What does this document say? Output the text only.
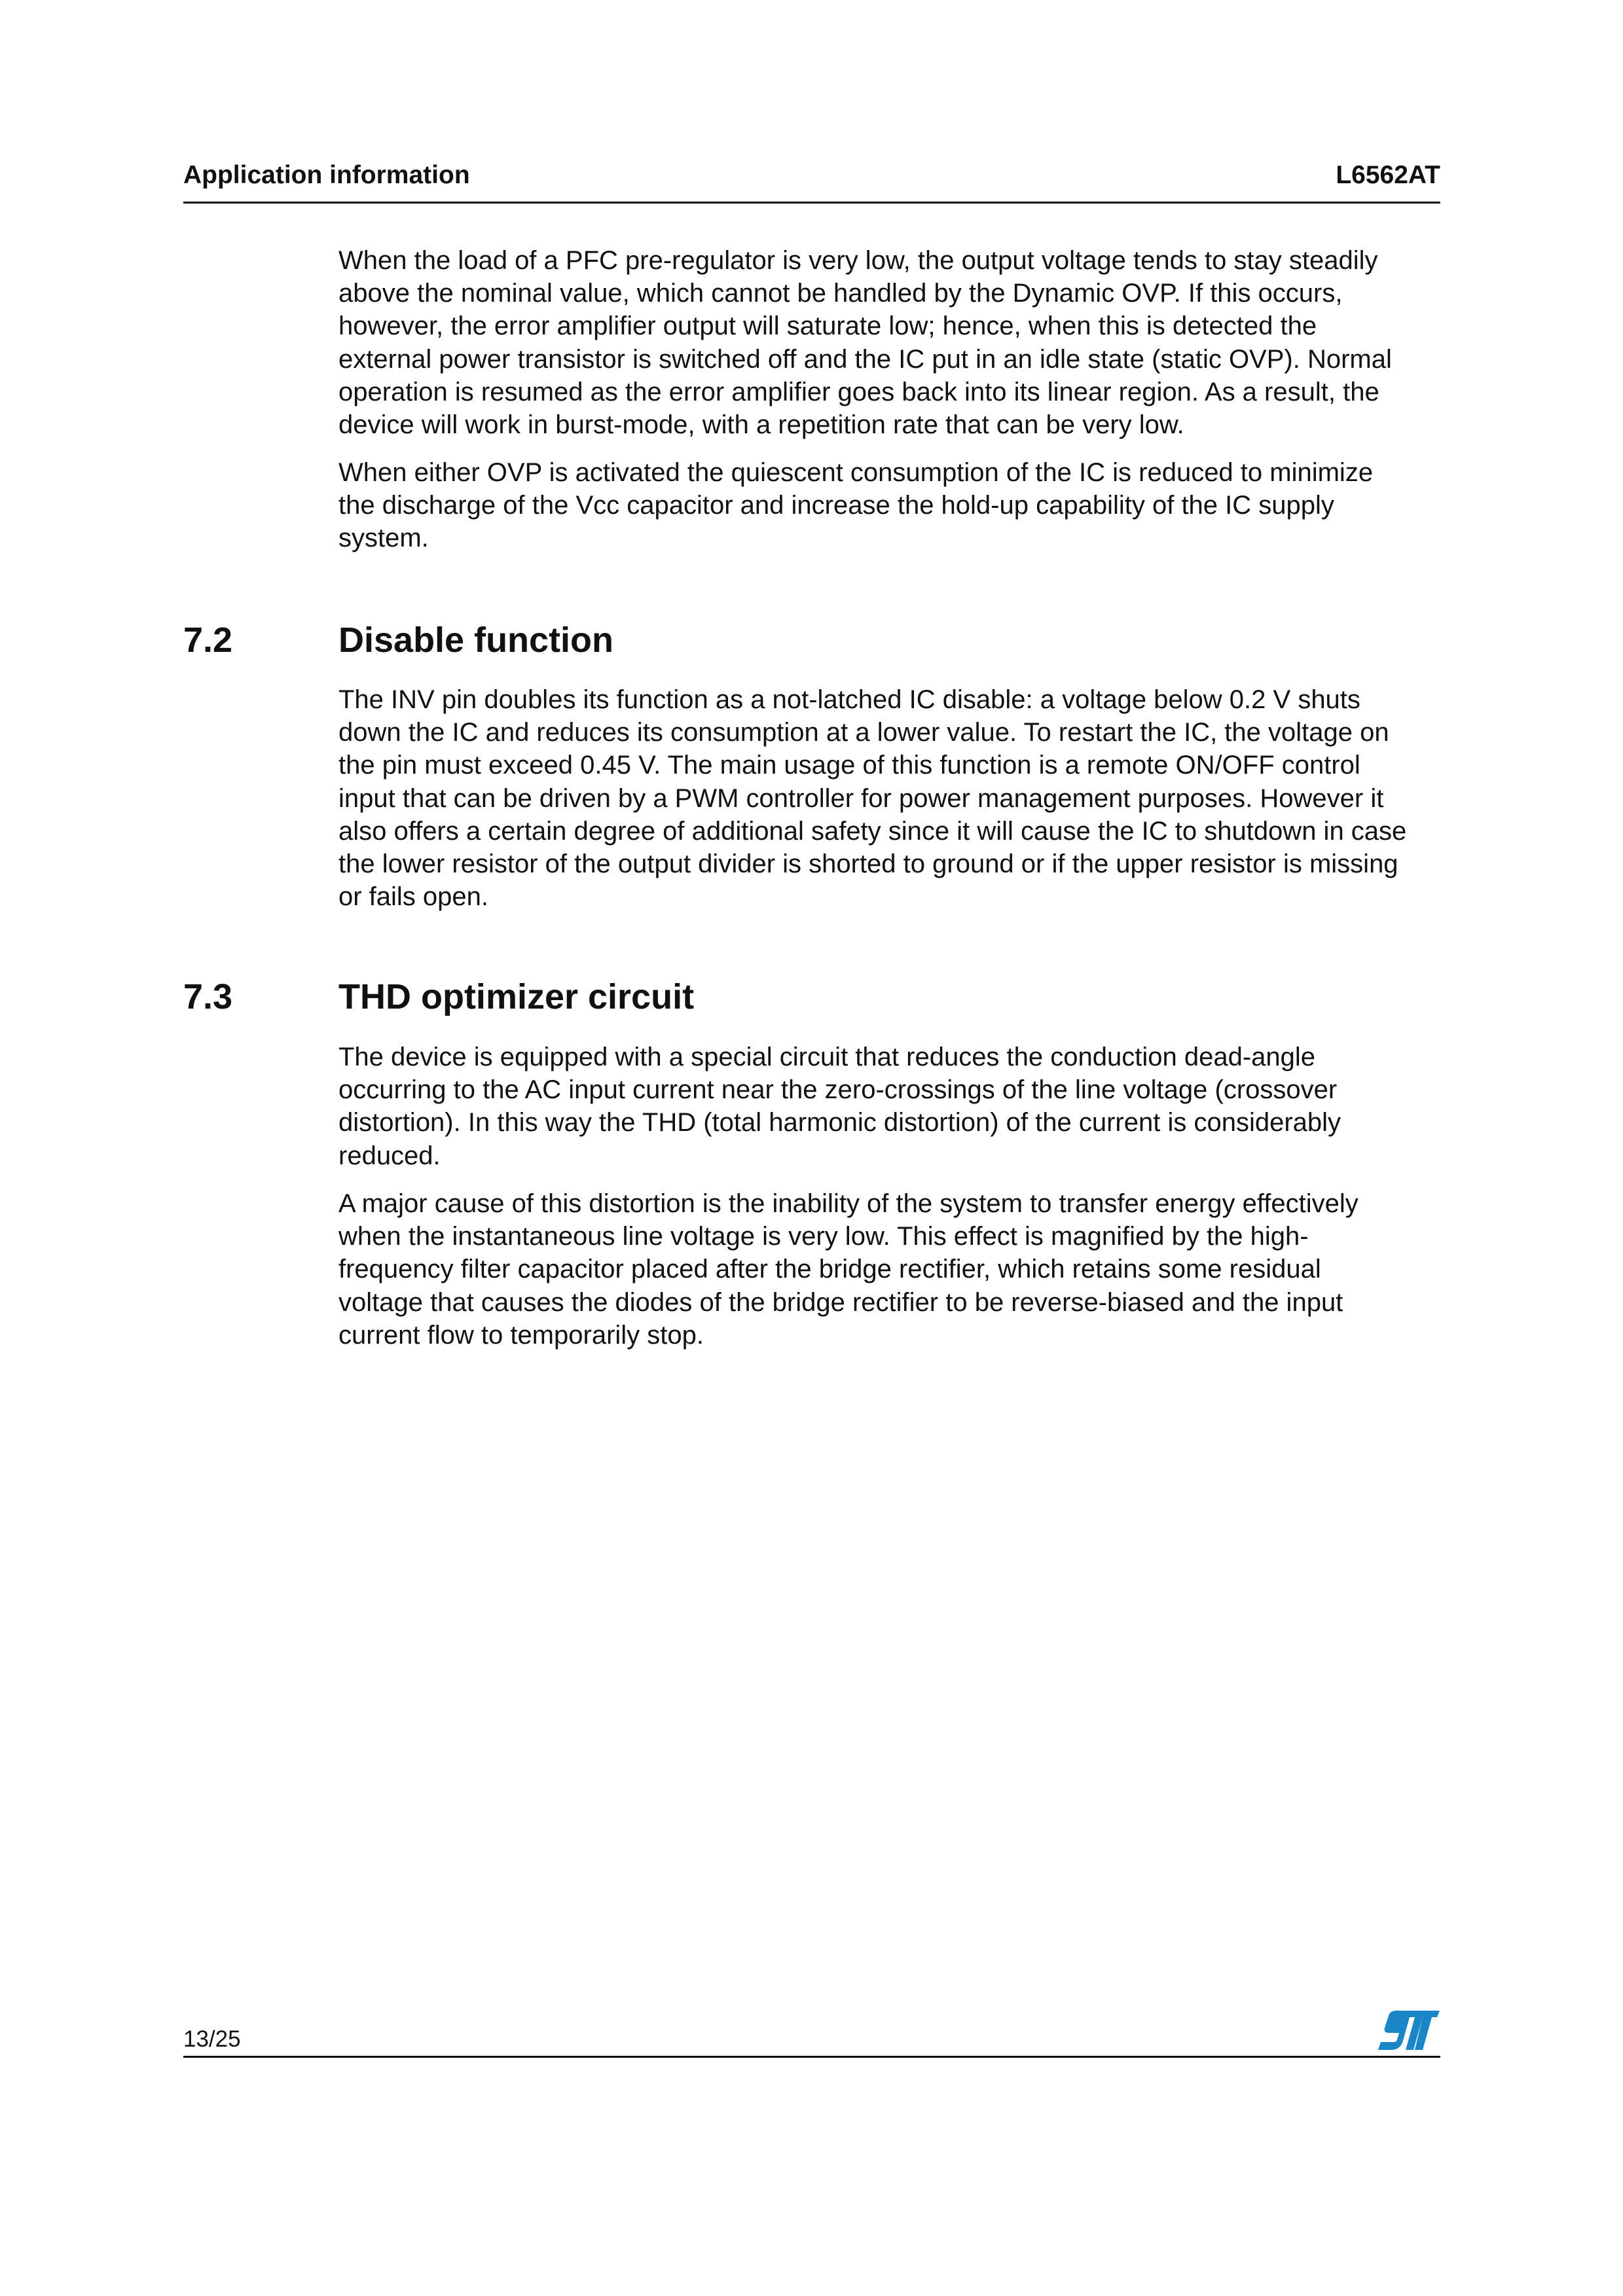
Application information	L6562AT
When the load of a PFC pre-regulator is very low, the output voltage tends to stay steadily
above the nominal value, which cannot be handled by the Dynamic OVP. If this occurs,
however, the error amplifier output will saturate low; hence, when this is detected the
external power transistor is switched off and the IC put in an idle state (static OVP). Normal
operation is resumed as the error amplifier goes back into its linear region. As a result, the
device will work in burst-mode, with a repetition rate that can be very low.
When either OVP is activated the quiescent consumption of the IC is reduced to minimize
the discharge of the Vcc capacitor and increase the hold-up capability of the IC supply
system.
7.2	Disable function
The INV pin doubles its function as a not-latched IC disable: a voltage below 0.2 V shuts
down the IC and reduces its consumption at a lower value. To restart the IC, the voltage on
the pin must exceed 0.45 V. The main usage of this function is a remote ON/OFF control
input that can be driven by a PWM controller for power management purposes. However it
also offers a certain degree of additional safety since it will cause the IC to shutdown in case
the lower resistor of the output divider is shorted to ground or if the upper resistor is missing
or fails open.
7.3	THD optimizer circuit
The device is equipped with a special circuit that reduces the conduction dead-angle
occurring to the AC input current near the zero-crossings of the line voltage (crossover
distortion). In this way the THD (total harmonic distortion) of the current is considerably
reduced.
A major cause of this distortion is the inability of the system to transfer energy effectively
when the instantaneous line voltage is very low. This effect is magnified by the high-
frequency filter capacitor placed after the bridge rectifier, which retains some residual
voltage that causes the diodes of the bridge rectifier to be reverse-biased and the input
current flow to temporarily stop.
13/25
